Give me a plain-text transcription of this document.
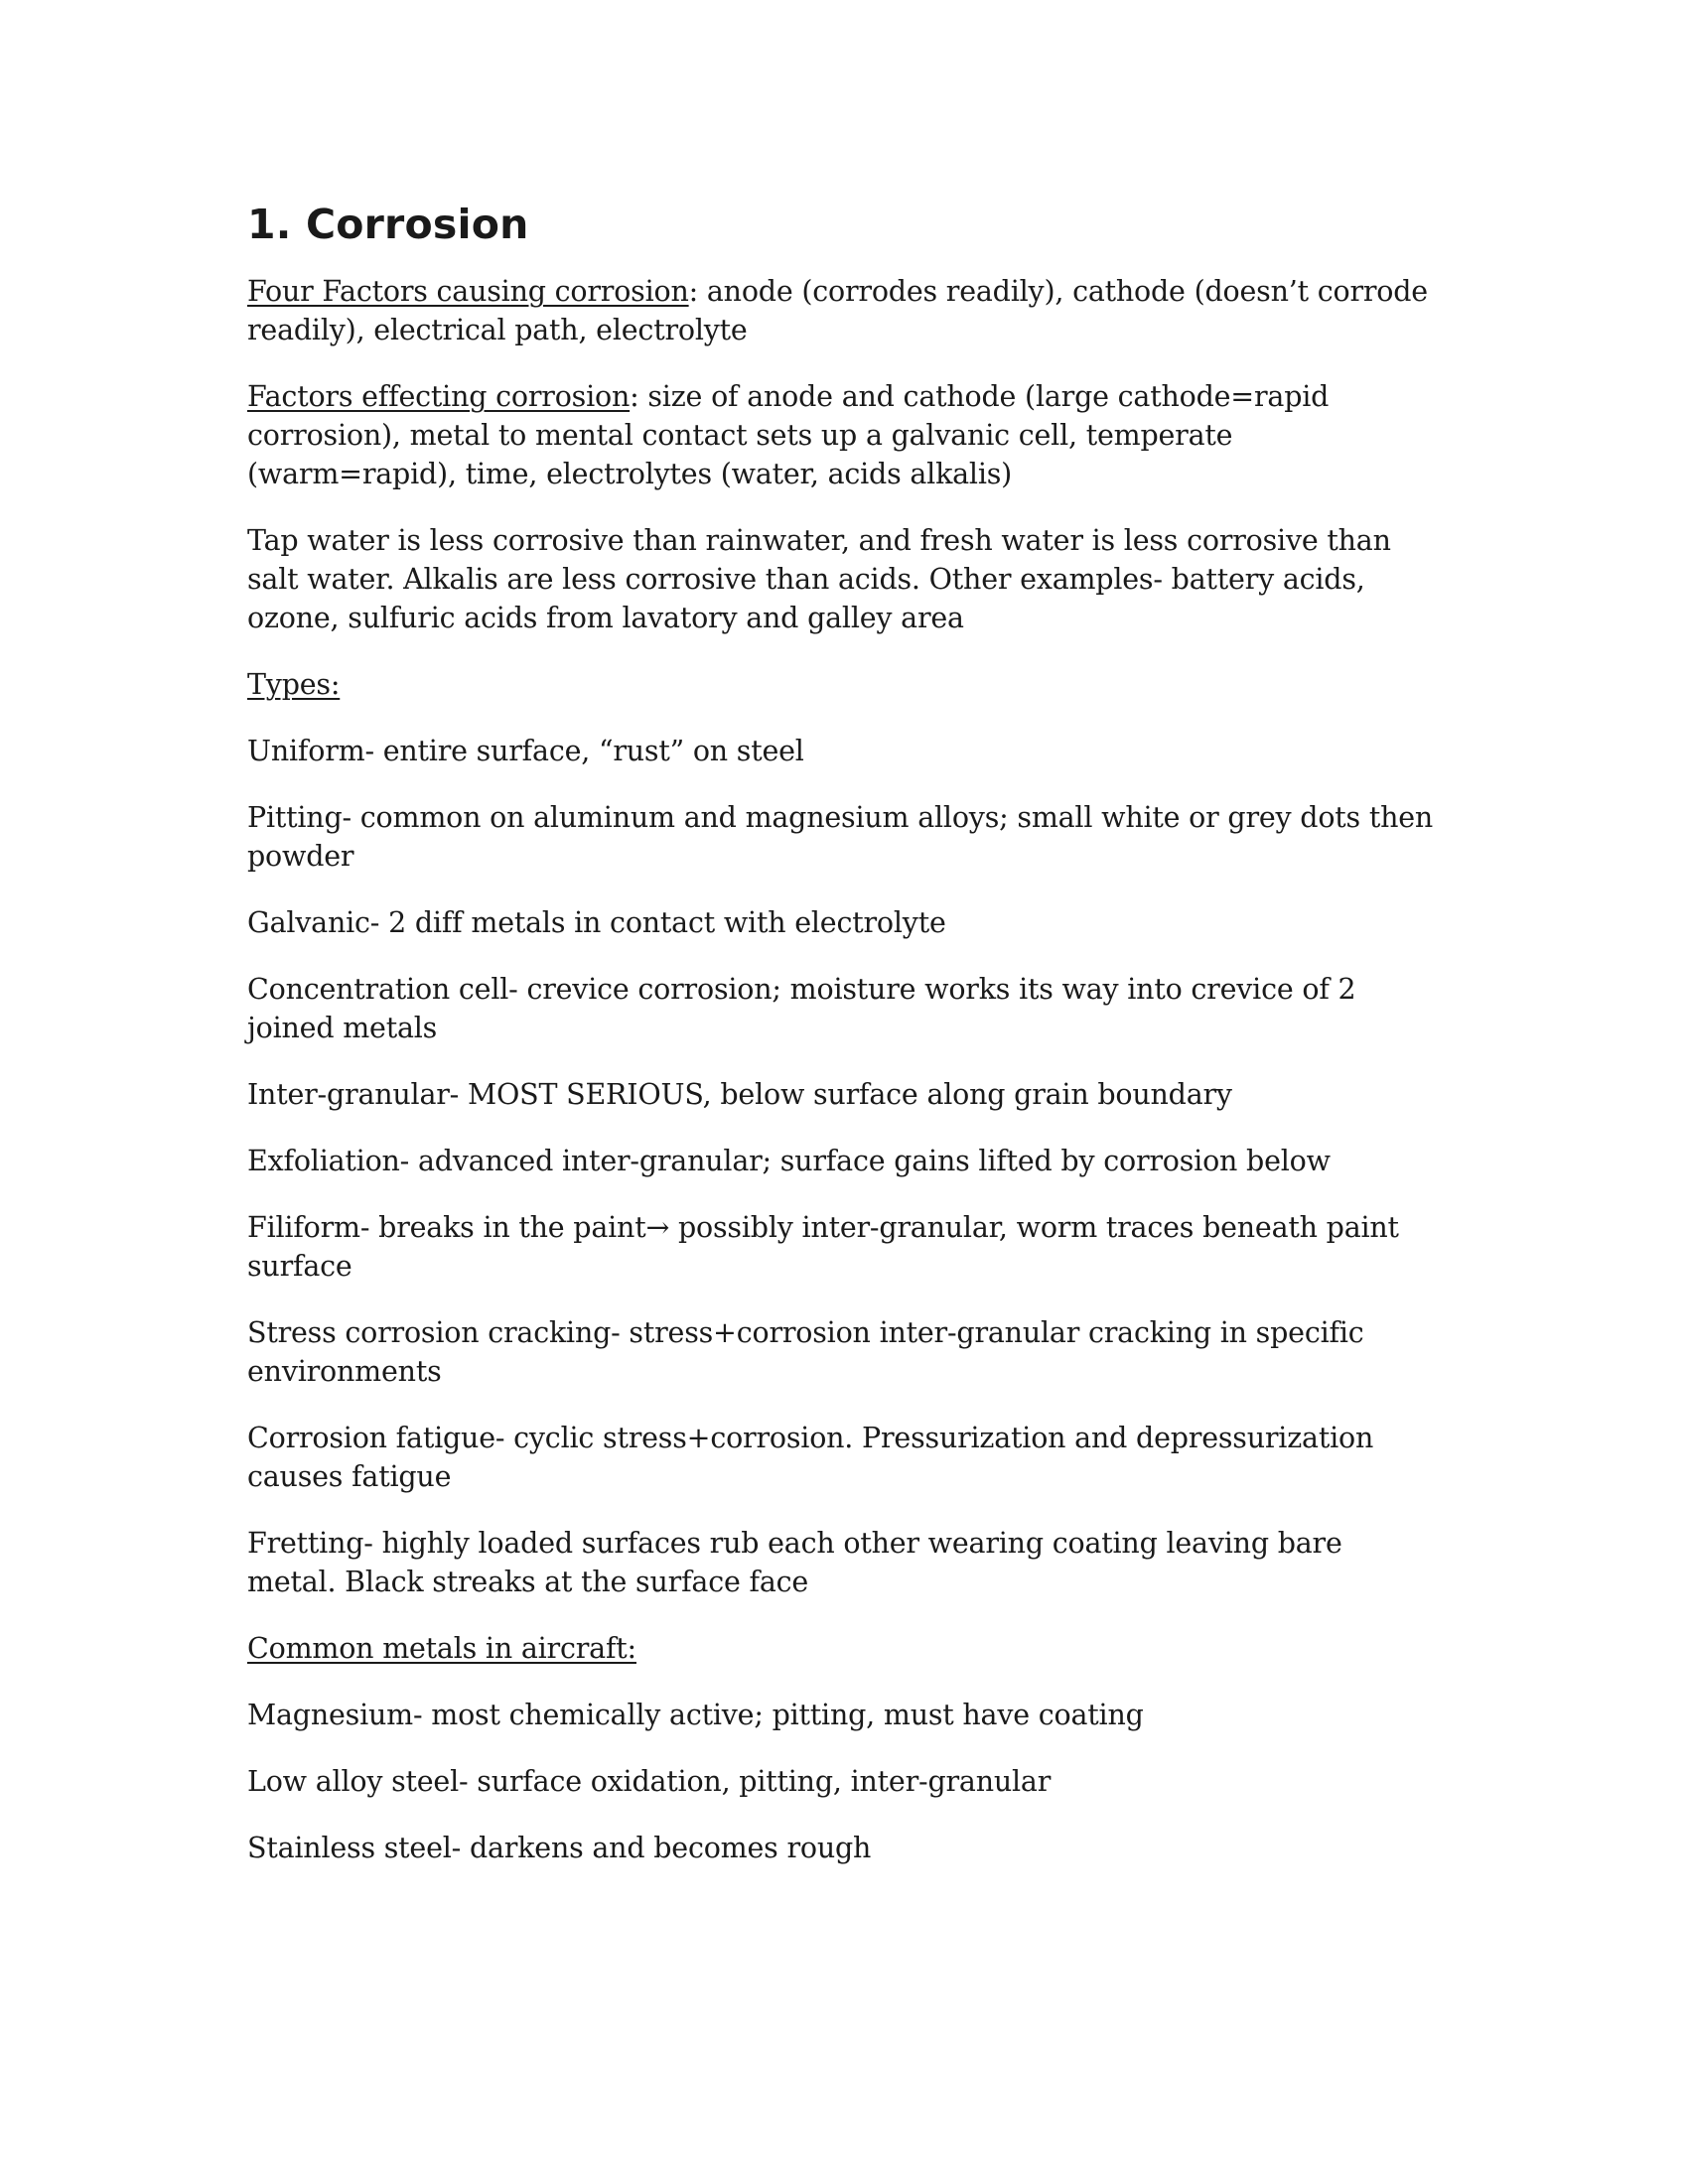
1. Corrosion

Four Factors causing corrosion: anode (corrodes readily), cathode (doesn’t corrode readily), electrical path, electrolyte

Factors effecting corrosion: size of anode and cathode (large cathode=rapid corrosion), metal to mental contact sets up a galvanic cell, temperate (warm=rapid), time, electrolytes (water, acids alkalis)

Tap water is less corrosive than rainwater, and fresh water is less corrosive than salt water. Alkalis are less corrosive than acids. Other examples- battery acids, ozone, sulfuric acids from lavatory and galley area

Types:

Uniform- entire surface, “rust” on steel

Pitting- common on aluminum and magnesium alloys; small white or grey dots then powder

Galvanic- 2 diff metals in contact with electrolyte

Concentration cell- crevice corrosion; moisture works its way into crevice of 2 joined metals

Inter-granular- MOST SERIOUS, below surface along grain boundary

Exfoliation- advanced inter-granular; surface gains lifted by corrosion below

Filiform- breaks in the paint→ possibly inter-granular, worm traces beneath paint surface

Stress corrosion cracking- stress+corrosion inter-granular cracking in specific environments

Corrosion fatigue- cyclic stress+corrosion. Pressurization and depressurization causes fatigue

Fretting- highly loaded surfaces rub each other wearing coating leaving bare metal. Black streaks at the surface face

Common metals in aircraft:

Magnesium- most chemically active; pitting, must have coating

Low alloy steel- surface oxidation, pitting, inter-granular

Stainless steel- darkens and becomes rough
